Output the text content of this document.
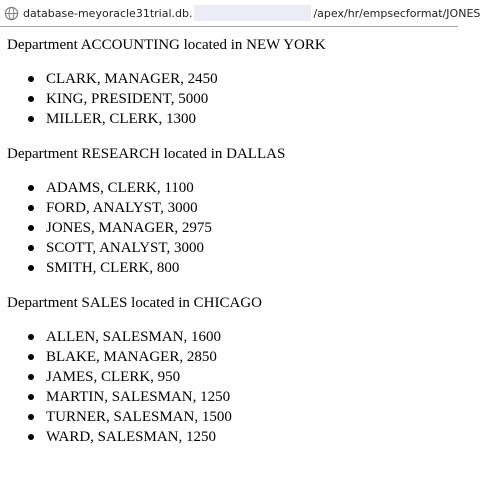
database-meyoracle31trial.db.	/apex/hr/empsecformat/JONES

Department ACCOUNTING located in NEW YORK

CLARK, MANAGER, 2450
KING, PRESIDENT, 5000
MILLER, CLERK, 1300

Department RESEARCH located in DALLAS

ADAMS, CLERK, 1100
FORD, ANALYST, 3000
JONES, MANAGER, 2975
SCOTT, ANALYST, 3000
SMITH, CLERK, 800

Department SALES located in CHICAGO

ALLEN, SALESMAN, 1600
BLAKE, MANAGER, 2850
JAMES, CLERK, 950
MARTIN, SALESMAN, 1250
TURNER, SALESMAN, 1500
WARD, SALESMAN, 1250
